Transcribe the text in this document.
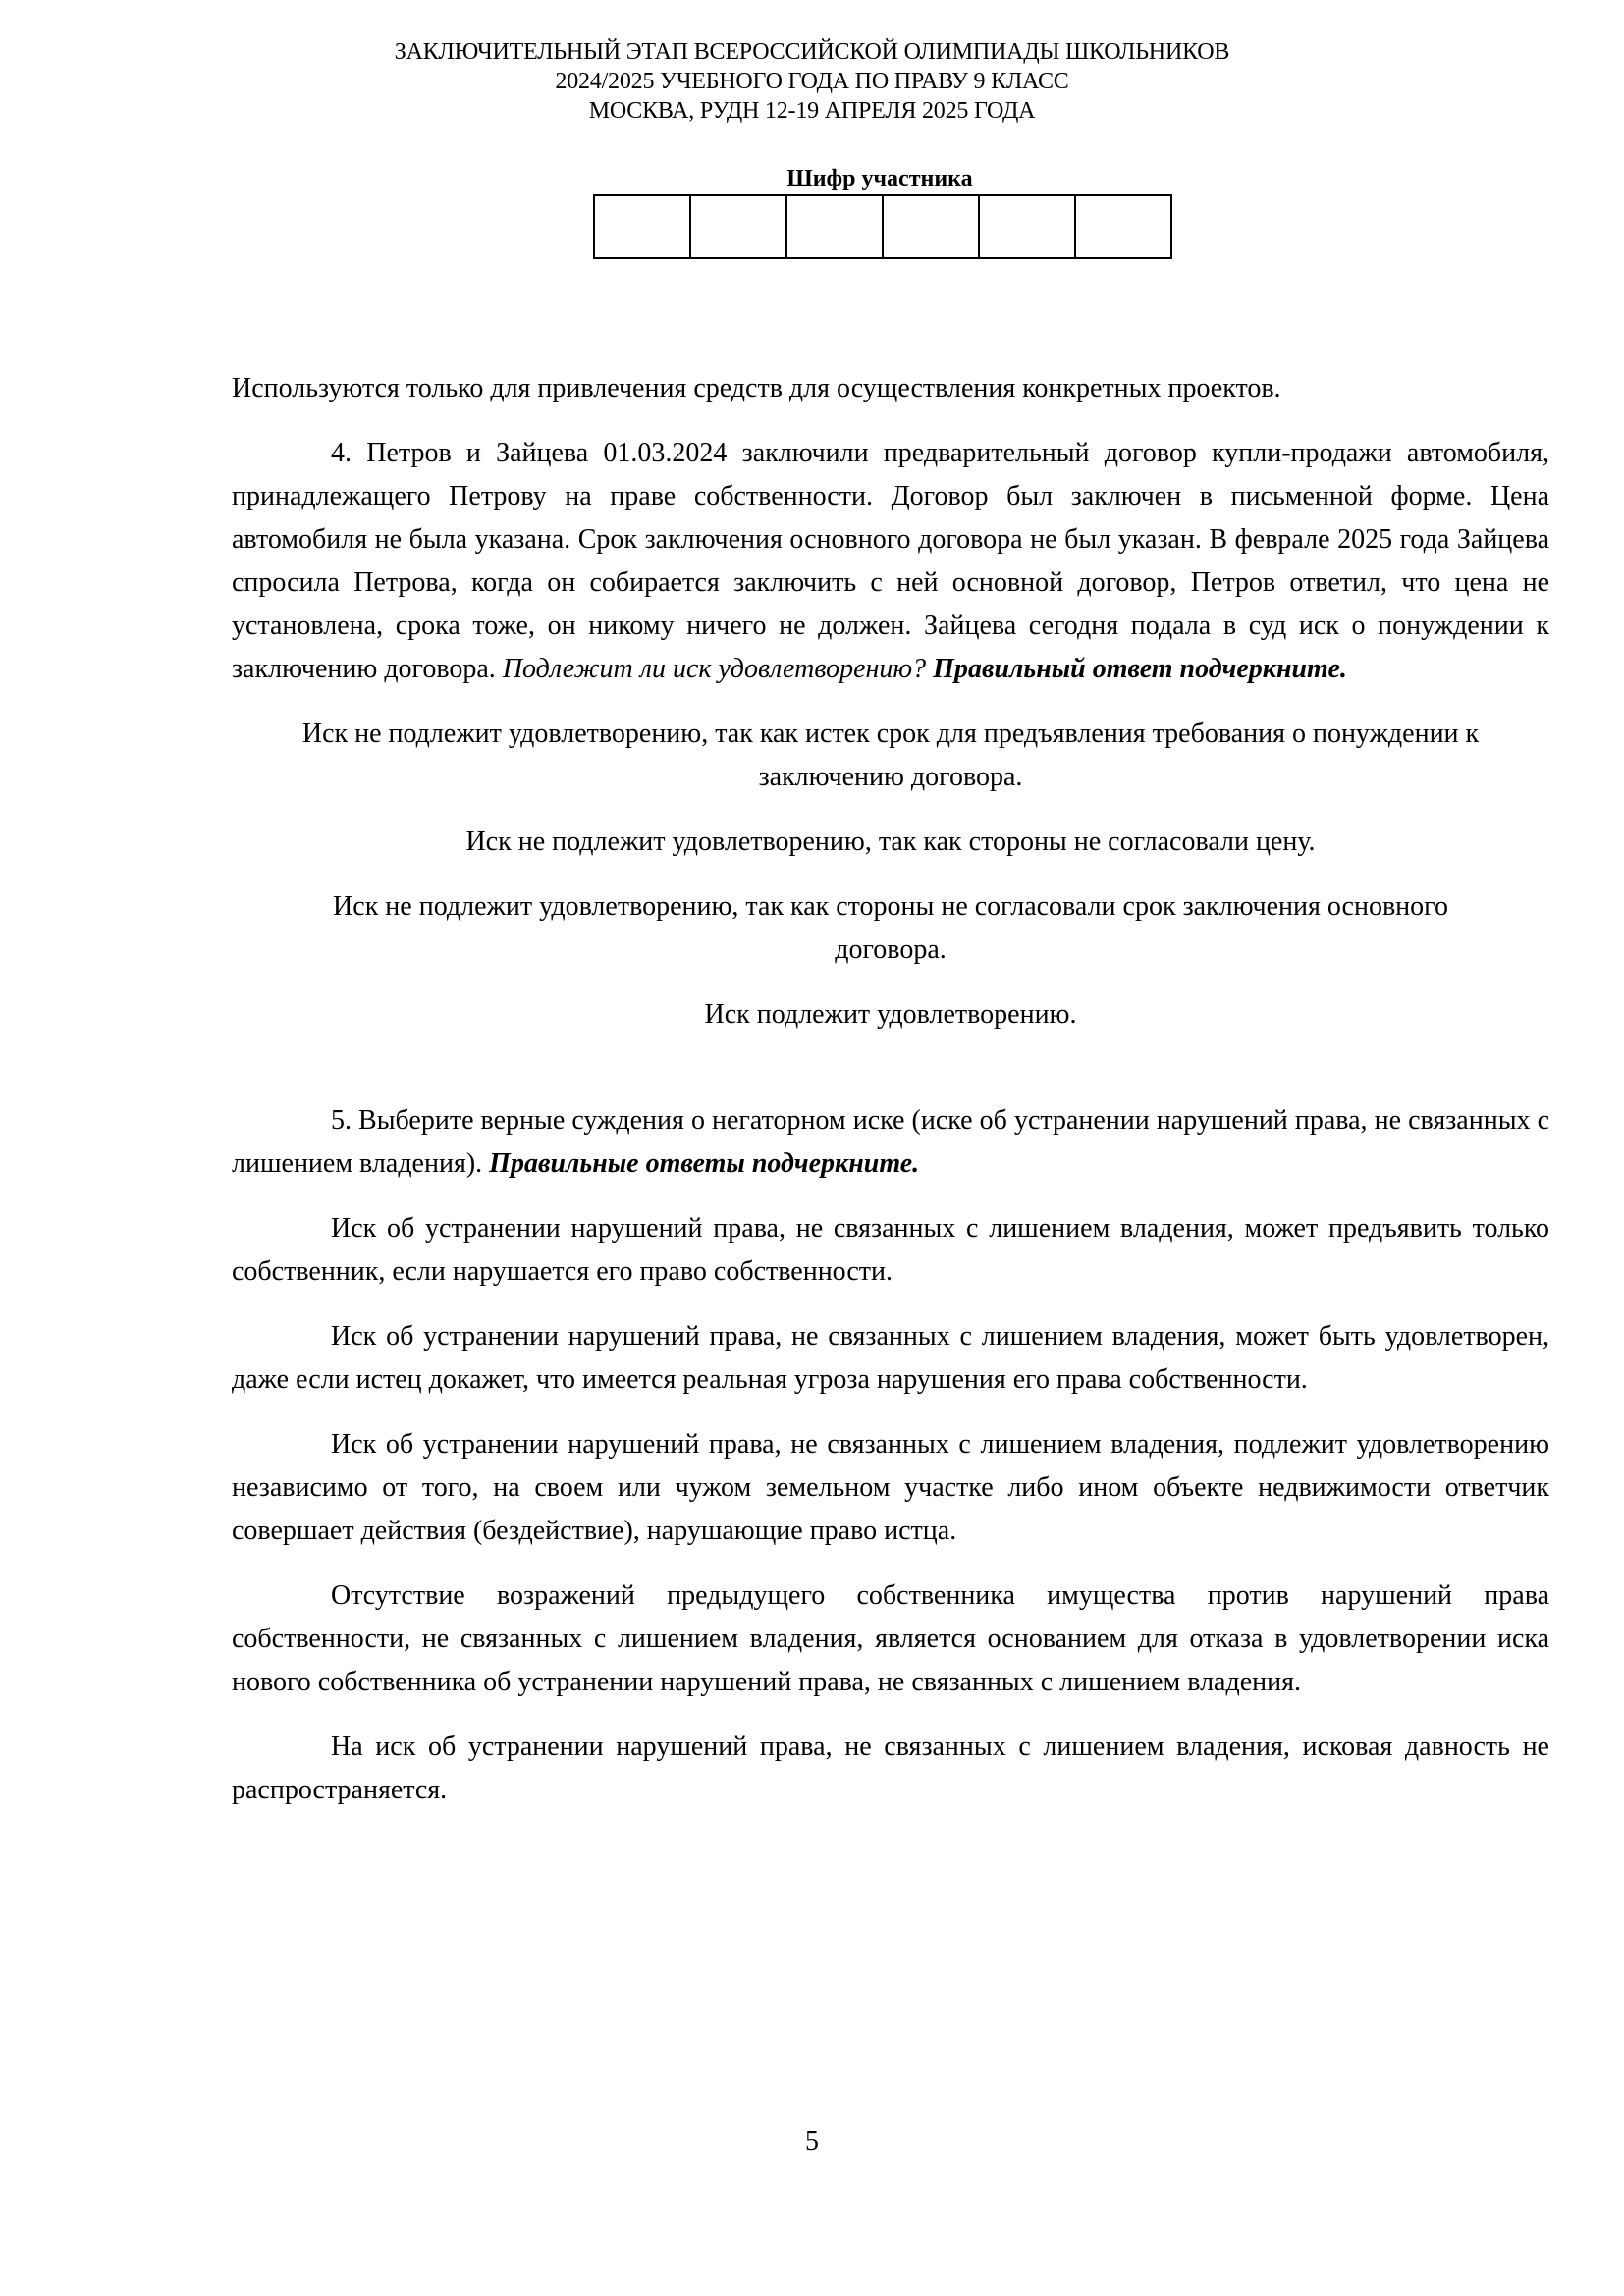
ЗАКЛЮЧИТЕЛЬНЫЙ ЭТАП ВСЕРОССИЙСКОЙ ОЛИМПИАДЫ ШКОЛЬНИКОВ
2024/2025 УЧЕБНОГО ГОДА ПО ПРАВУ 9 КЛАСС
МОСКВА, РУДН 12-19 АПРЕЛЯ 2025 ГОДА
Шифр участника

Используются только для привлечения средств для осуществления конкретных проектов.

4. Петров и Зайцева 01.03.2024 заключили предварительный договор купли-продажи автомобиля, принадлежащего Петрову на праве собственности. Договор был заключен в письменной форме. Цена автомобиля не была указана. Срок заключения основного договора не был указан. В феврале 2025 года Зайцева спросила Петрова, когда он собирается заключить с ней основной договор, Петров ответил, что цена не установлена, срока тоже, он никому ничего не должен. Зайцева сегодня подала в суд иск о понуждении к заключению договора. Подлежит ли иск удовлетворению? Правильный ответ подчеркните.

Иск не подлежит удовлетворению, так как истек срок для предъявления требования о понуждении к заключению договора.

Иск не подлежит удовлетворению, так как стороны не согласовали цену.

Иск не подлежит удовлетворению, так как стороны не согласовали срок заключения основного договора.

Иск подлежит удовлетворению.

5. Выберите верные суждения о негаторном иске (иске об устранении нарушений права, не связанных с лишением владения). Правильные ответы подчеркните.

Иск об устранении нарушений права, не связанных с лишением владения, может предъявить только собственник, если нарушается его право собственности.

Иск об устранении нарушений права, не связанных с лишением владения, может быть удовлетворен, даже если истец докажет, что имеется реальная угроза нарушения его права собственности.

Иск об устранении нарушений права, не связанных с лишением владения, подлежит удовлетворению независимо от того, на своем или чужом земельном участке либо ином объекте недвижимости ответчик совершает действия (бездействие), нарушающие право истца.

Отсутствие возражений предыдущего собственника имущества против нарушений права собственности, не связанных с лишением владения, является основанием для отказа в удовлетворении иска нового собственника об устранении нарушений права, не связанных с лишением владения.

На иск об устранении нарушений права, не связанных с лишением владения, исковая давность не распространяется.

5
